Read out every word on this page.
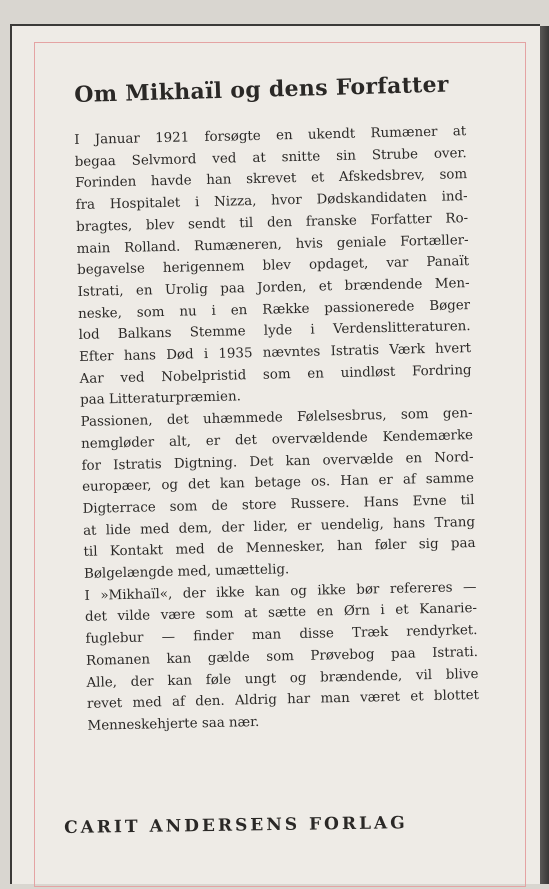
Om Mikhaïl og dens Forfatter
I Januar 1921 forsøgte en ukendt Rumæner at
begaa Selvmord ved at snitte sin Strube over.
Forinden havde han skrevet et Afskedsbrev, som
fra Hospitalet i Nizza, hvor Dødskandidaten ind-
bragtes, blev sendt til den franske Forfatter Ro-
main Rolland. Rumæneren, hvis geniale Fortæller-
begavelse herigennem blev opdaget, var Panaït
Istrati, en Urolig paa Jorden, et brændende Men-
neske, som nu i en Række passionerede Bøger
lod Balkans Stemme lyde i Verdenslitteraturen.
Efter hans Død i 1935 nævntes Istratis Værk hvert
Aar ved Nobelpristid som en uindløst Fordring
paa Litteraturpræmien.
Passionen, det uhæmmede Følelsesbrus, som gen-
nemgløder alt, er det overvældende Kendemærke
for Istratis Digtning. Det kan overvælde en Nord-
europæer, og det kan betage os. Han er af samme
Digterrace som de store Russere. Hans Evne til
at lide med dem, der lider, er uendelig, hans Trang
til Kontakt med de Mennesker, han føler sig paa
Bølgelængde med, umættelig.
I »Mikhaïl«, der ikke kan og ikke bør refereres —
det vilde være som at sætte en Ørn i et Kanarie-
fuglebur — finder man disse Træk rendyrket.
Romanen kan gælde som Prøvebog paa Istrati.
Alle, der kan føle ungt og brændende, vil blive
revet med af den. Aldrig har man været et blottet
Menneskehjerte saa nær.

CARIT ANDERSENS FORLAG
